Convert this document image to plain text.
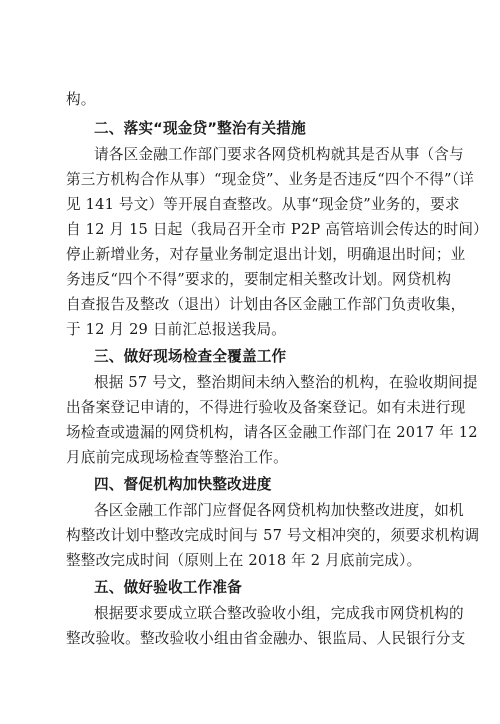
构。
二、落实“现金贷”整治有关措施
请各区金融工作部门要求各网贷机构就其是否从事（含与
第三方机构合作从事）“现金贷”、业务是否违反“四个不得”（详
见 141 号文）等开展自查整改。从事“现金贷”业务的，要求
自 12 月 15 日起（我局召开全市 P2P 高管培训会传达的时间）
停止新增业务，对存量业务制定退出计划，明确退出时间；业
务违反“四个不得”要求的，要制定相关整改计划。网贷机构
自查报告及整改（退出）计划由各区金融工作部门负责收集，
于 12 月 29 日前汇总报送我局。
三、做好现场检查全覆盖工作
根据 57 号文，整治期间未纳入整治的机构，在验收期间提
出备案登记申请的，不得进行验收及备案登记。如有未进行现
场检查或遗漏的网贷机构，请各区金融工作部门在 2017 年 12
月底前完成现场检查等整治工作。
四、督促机构加快整改进度
各区金融工作部门应督促各网贷机构加快整改进度，如机
构整改计划中整改完成时间与 57 号文相冲突的，须要求机构调
整整改完成时间（原则上在 2018 年 2 月底前完成）。
五、做好验收工作准备
根据要求要成立联合整改验收小组，完成我市网贷机构的
整改验收。整改验收小组由省金融办、银监局、人民银行分支
